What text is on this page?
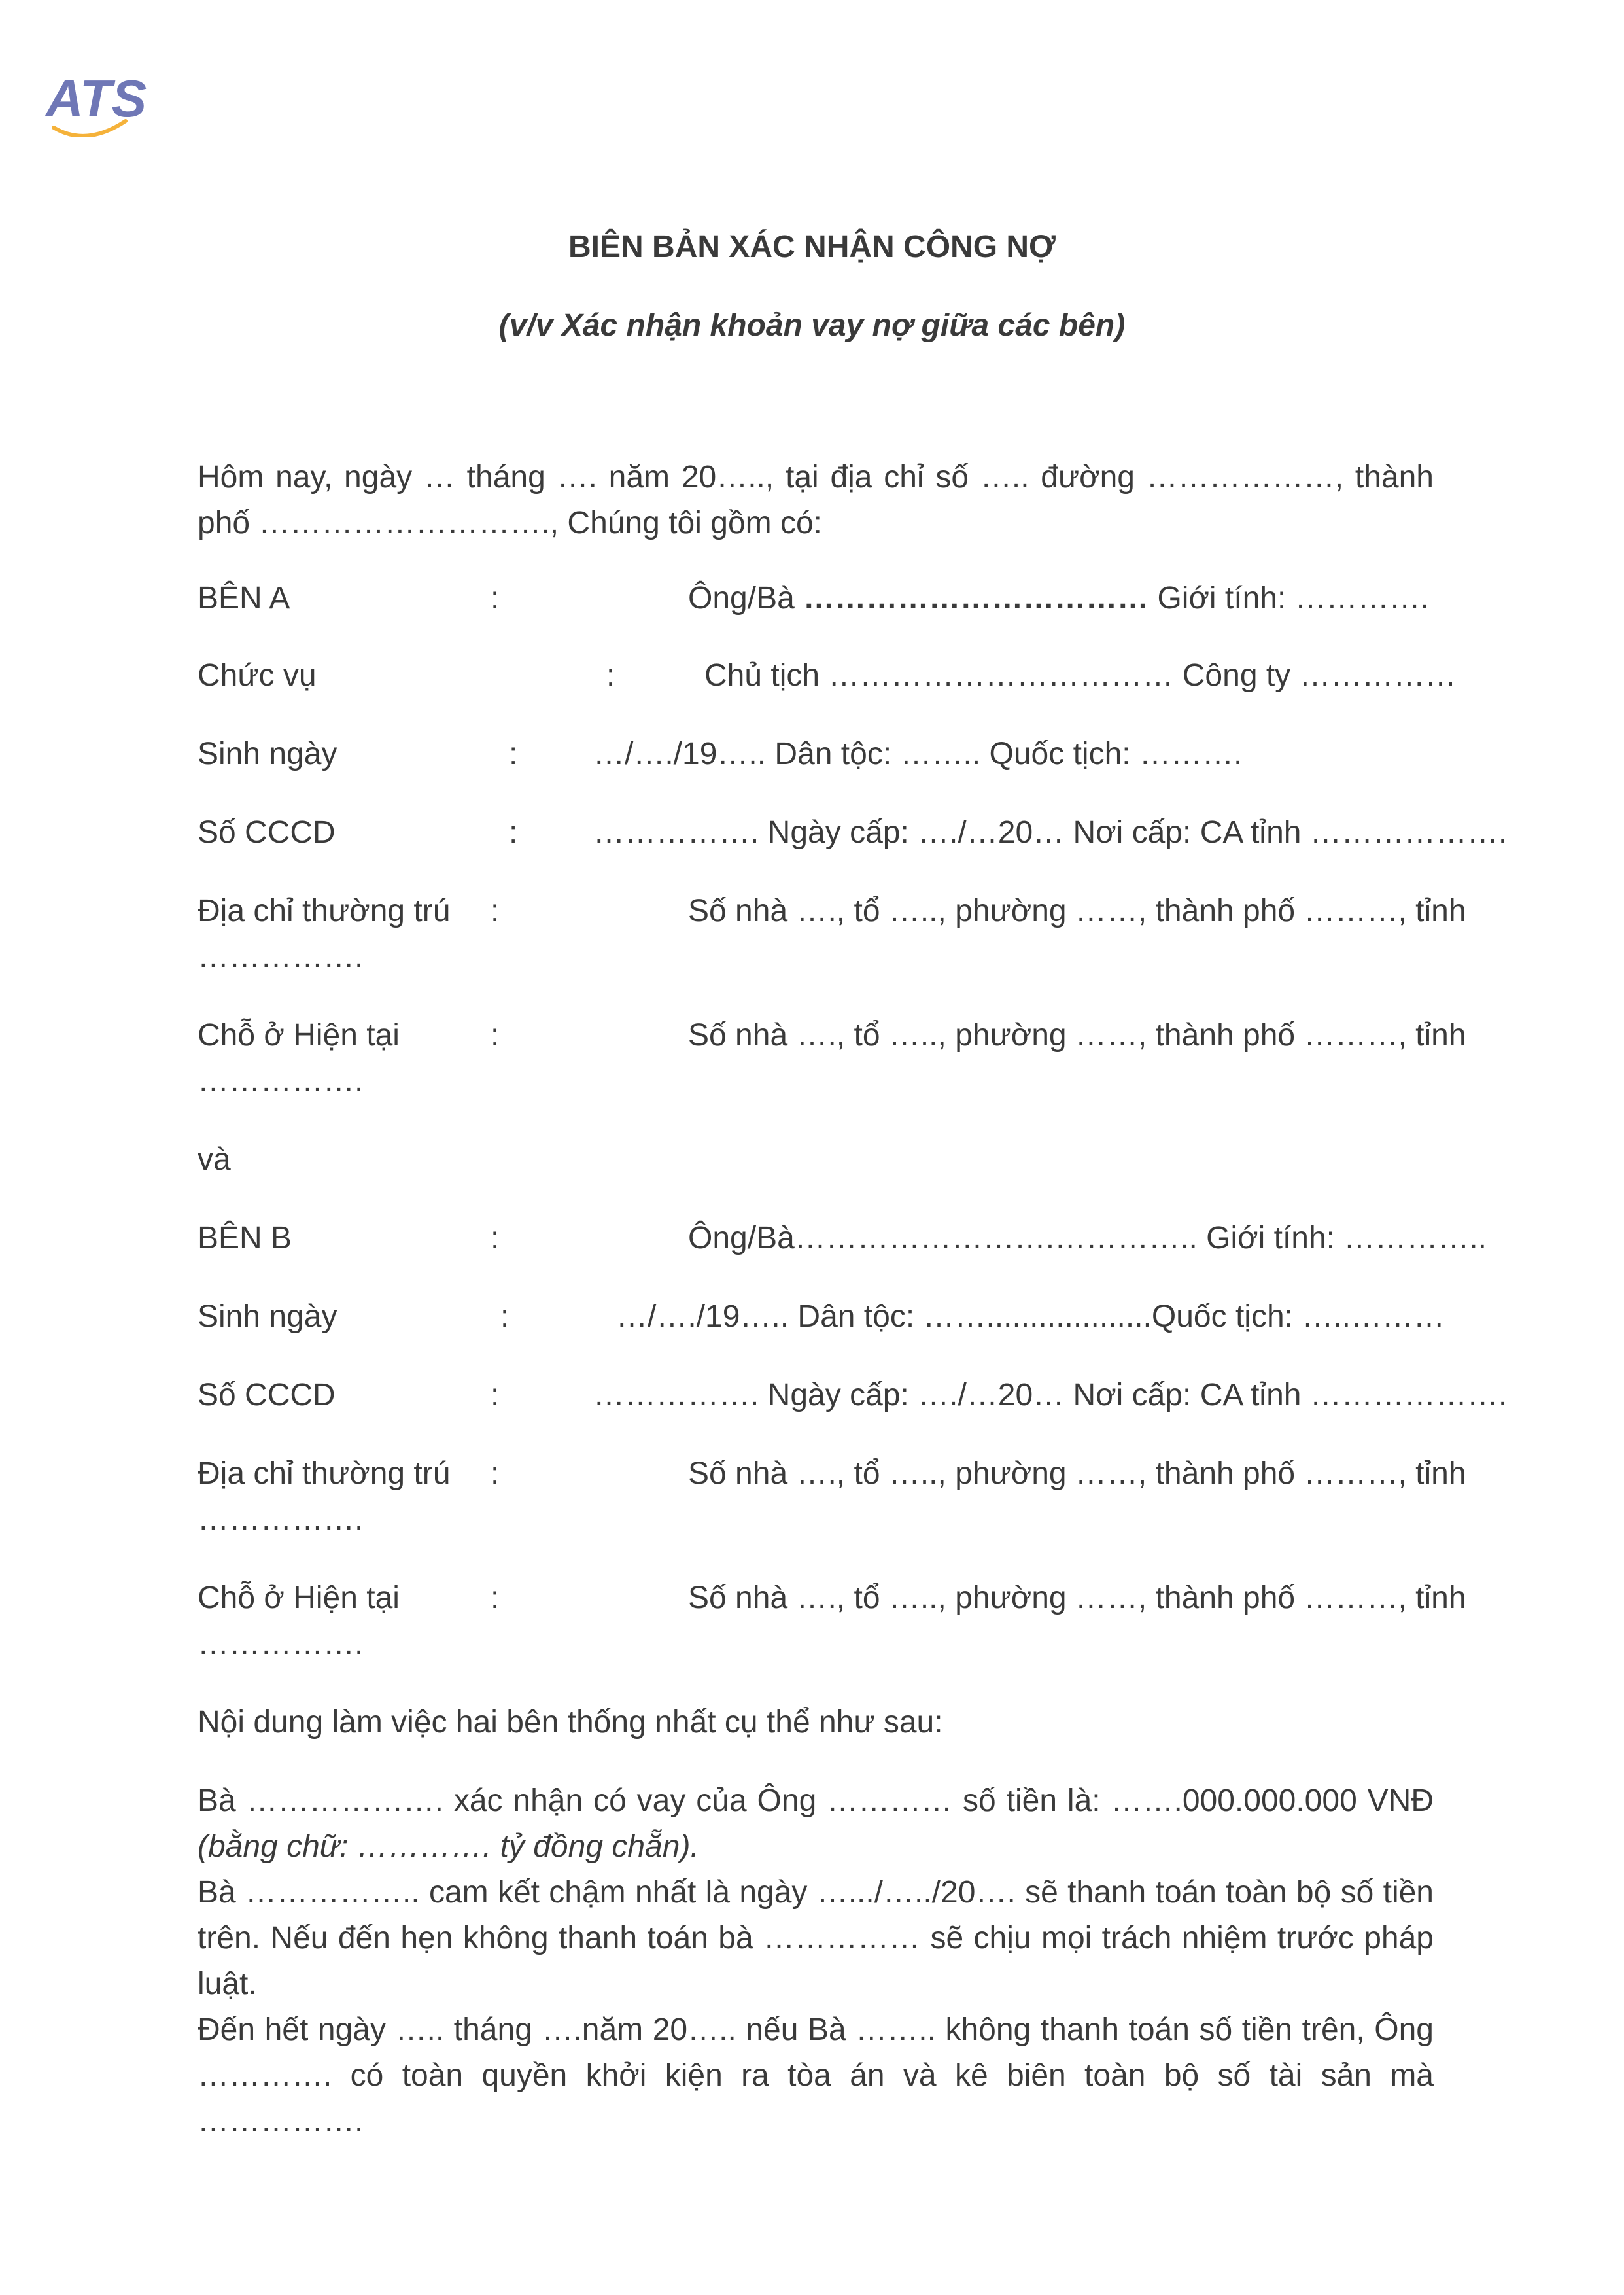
ATS
BIÊN BẢN XÁC NHẬN CÔNG NỢ

(v/v Xác nhận khoản vay nợ giữa các bên)

Hôm nay, ngày … tháng …. năm 20….., tại địa chỉ số ….. đường ………………, thành phố ………………………., Chúng tôi gồm có:

BÊN A	:	Ông/Bà …………………………… Giới tính: ………….
Chức vụ	:	Chủ tịch …………………………… Công ty ……………
Sinh ngày	: …/…./19….. Dân tộc: …….. Quốc tịch: ……….
Số CCCD	: ……………. Ngày cấp: …./…20… Nơi cấp: CA tỉnh ……………….
Địa chỉ thường trú :	Số nhà …., tổ ….., phường ……, thành phố ………, tỉnh
…………….
Chỗ ở Hiện tại	:	Số nhà …., tổ ….., phường ……, thành phố ………, tỉnh
…………….
và
BÊN B	:	Ông/Bà…………………….………….. Giới tính: …………..
Sinh ngày	:	…/…./19….. Dân tộc: ……...................Quốc tịch: …..………
Số CCCD	:	……………. Ngày cấp: …./…20… Nơi cấp: CA tỉnh ……………….
Địa chỉ thường trú :	Số nhà …., tổ ….., phường ……, thành phố ………, tỉnh
…………….
Chỗ ở Hiện tại	:	Số nhà …., tổ ….., phường ……, thành phố ………, tỉnh
…………….

Nội dung làm việc hai bên thống nhất cụ thể như sau:

Bà ………………. xác nhận có vay của Ông ………… số tiền là: …….000.000.000 VNĐ (bằng chữ: …………. tỷ đồng chẵn).

Bà …………….. cam kết chậm nhất là ngày ….../…../20…. sẽ thanh toán toàn bộ số tiền trên. Nếu đến hẹn không thanh toán bà …………… sẽ chịu mọi trách nhiệm trước pháp luật.

Đến hết ngày ….. tháng ….năm 20….. nếu Bà …….. không thanh toán số tiền trên, Ông …………. có toàn quyền khởi kiện ra tòa án và kê biên toàn bộ số tài sản mà …………….
